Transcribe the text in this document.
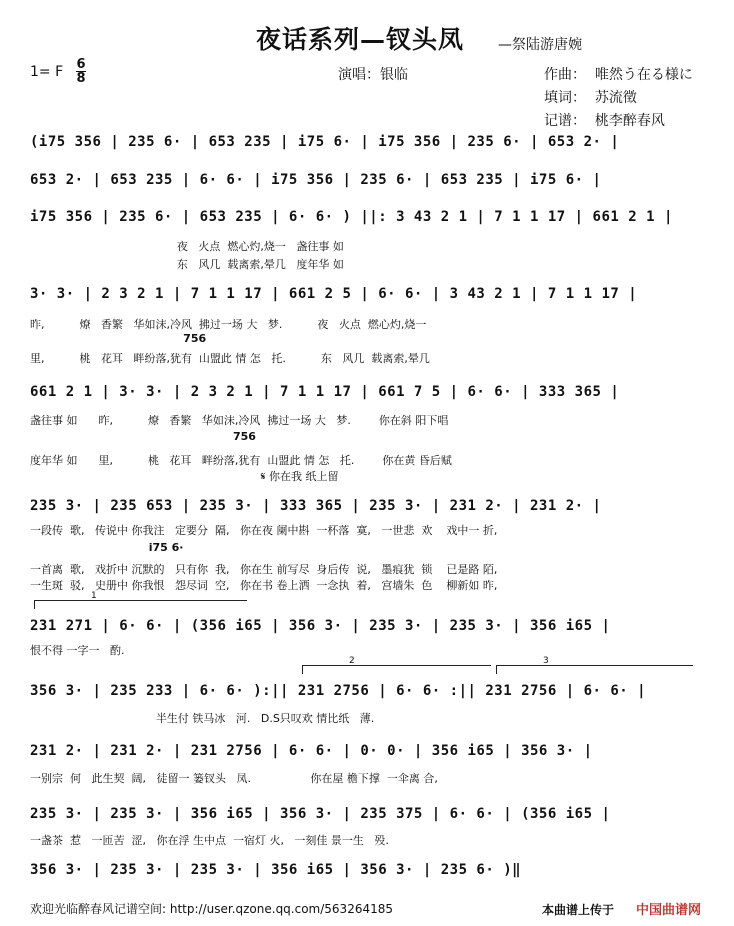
夜话系列—钗头凤 —祭陆游唐婉
1= F 6
8	演唱：银临	作曲：  唯然う在る様に
填词：  苏流徵
记谱：  桃李醉春风
(i75 356 | 235 6· | 653 235 | i75 6· | i75 356 | 235 6· | 653 2· |
653 2· | 653 235 | 6· 6· | i75 356 | 235 6· | 653 235 | i75 6· |
i75 356 | 235 6· | 653 235 | 6· 6· ) ||: 3 43 2 1 | 7 1 1 17 | 661 2 1 |
夜   火点  燃心灼,烧一   盏往事 如
东   风几  载离索,晕几   度年华 如
3· 3· | 2 3 2 1 | 7 1 1 17 | 661 2 5 | 6· 6· | 3 43 2 1 | 7 1 1 17 |
昨,          燎   香繁   华如沫,冷风  拂过一场 大   梦.          夜   火点  燃心灼,烧一
756
里,          桃   花耳   畔纷落,犹有  山盟此 情 怎   托.          东   风几  载离索,晕几
661 2 1 | 3· 3· | 2 3 2 1 | 7 1 1 17 | 661 7 5 | 6· 6· | 333 365 |
盏往事 如      昨,          燎   香繁   华如沫,冷风  拂过一场 大   梦.        你在斜 阳下唱
756
度年华 如      里,          桃   花耳   畔纷落,犹有  山盟此 情 怎   托.        你在黄 昏后赋
𝄋 你在我 纸上留
235 3· | 235 653 | 235 3· | 333 365 | 235 3· | 231 2· | 231 2· |
一段传  歌,   传说中 你我注   定要分  隔,   你在夜 阑中斟  一杯落  寞,   一世悲  欢    戏中一 折,
i75 6·
一首离  歌,   戏折中 沉默的   只有你  我,   你在生 前写尽  身后传  说,   墨痕犹  锁    已是路 陌,
一生斑  驳,   史册中 你我恨   怨尽词  空,   你在书 卷上洒  一念执  着,   宫墙朱  色    柳新如 昨,
1
231 271 | 6· 6· | (356 i65 | 356 3· | 235 3· | 235 3· | 356 i65 |
恨不得 一字一   酌.
2	3
356 3· | 235 233 | 6· 6· ):|| 231 2756 | 6· 6· :|| 231 2756 | 6· 6· |
半生付 铁马冰   河.   D.S只叹欢 情比纸   薄.
231 2· | 231 2· | 231 2756 | 6· 6· | 0· 0· | 356 i65 | 356 3· |
一别宗  何   此生契  阔,   徒留一 篓钗头   凤.                 你在屋 檐下撑  一伞离 合,
235 3· | 235 3· | 356 i65 | 356 3· | 235 375 | 6· 6· | (356 i65 |
一盏茶  惹   一匝苦  涩,   你在浮 生中点  一宿灯 火,   一刻佳 景一生   殁.
356 3· | 235 3· | 235 3· | 356 i65 | 356 3· | 235 6· )‖
欢迎光临醉春风记谱空间: http://user.qzone.qq.com/563264185	本曲谱上传于 中国曲谱网
